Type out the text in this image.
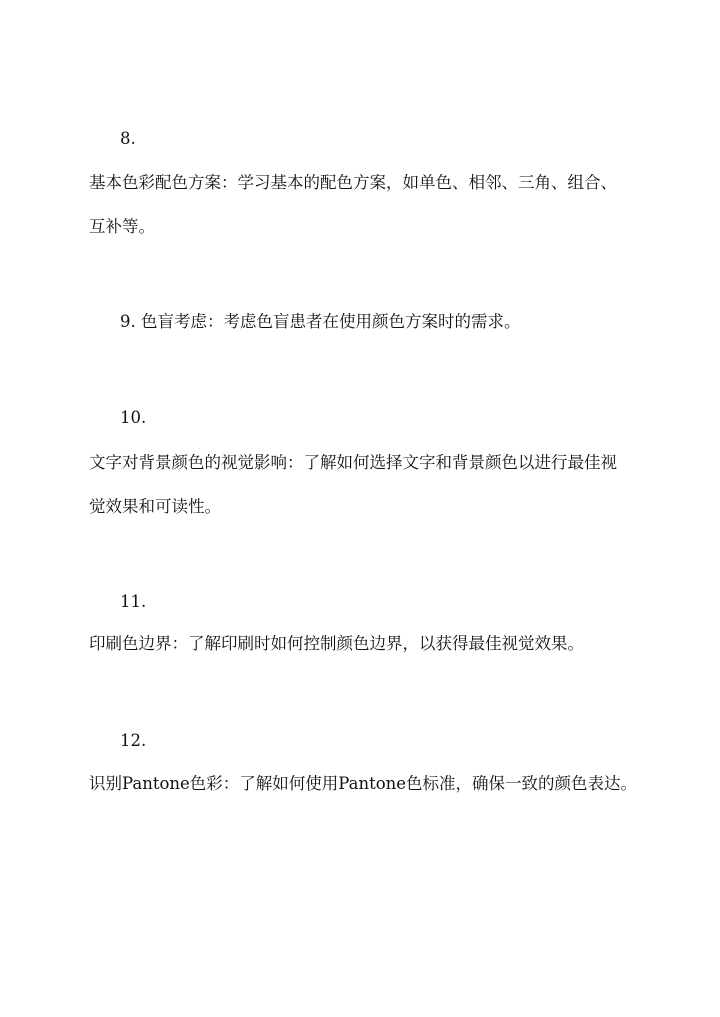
8.
基本色彩配色方案：学习基本的配色方案，如单色、相邻、三角、组合、
互补等。
9. 色盲考虑：考虑色盲患者在使用颜色方案时的需求。
10.
文字对背景颜色的视觉影响：了解如何选择文字和背景颜色以进行最佳视
觉效果和可读性。
11.
印刷色边界：了解印刷时如何控制颜色边界，以获得最佳视觉效果。
12.
识别Pantone色彩：了解如何使用Pantone色标准，确保一致的颜色表达。
